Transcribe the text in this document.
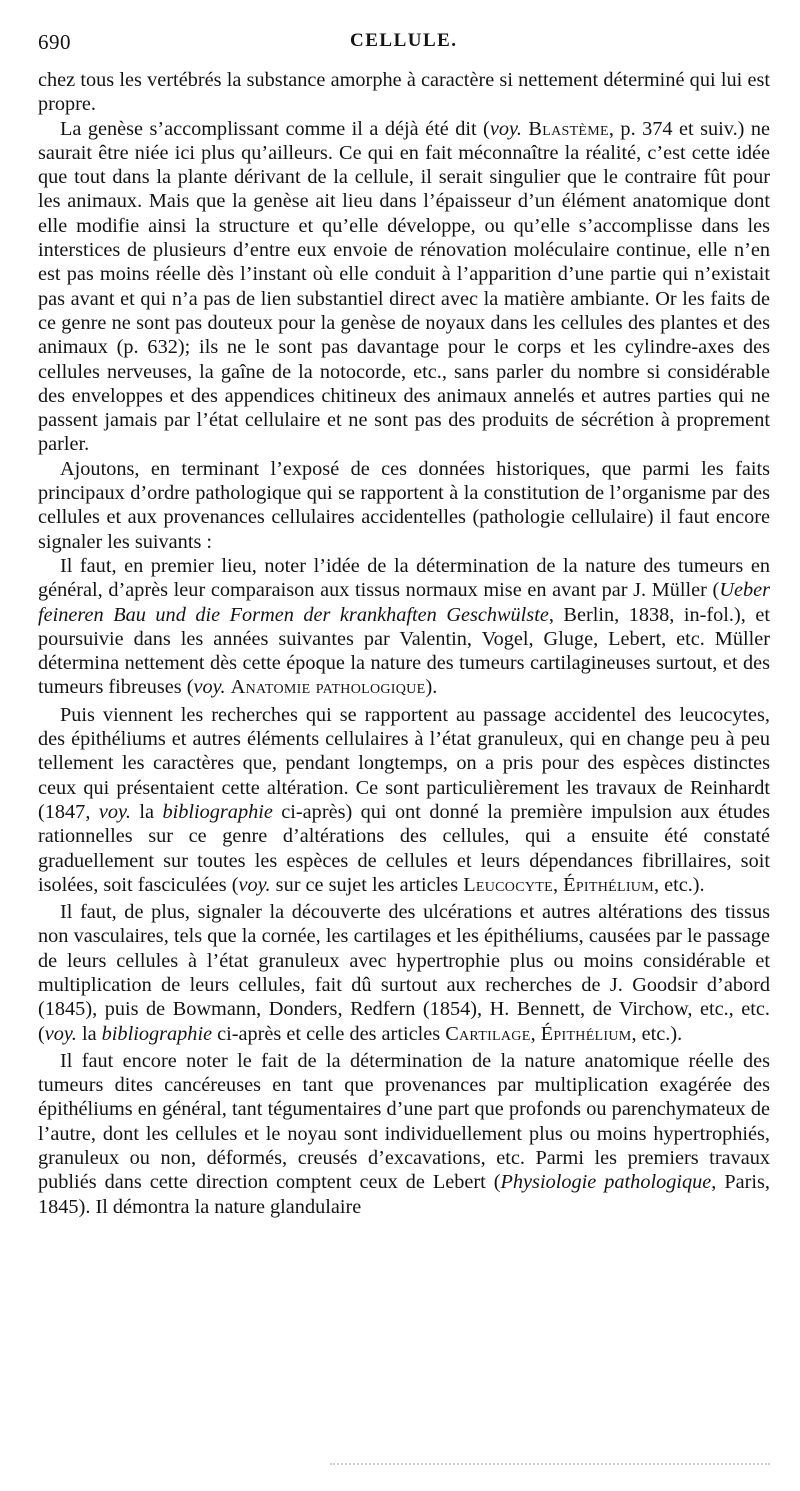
690	CELLULE.

chez tous les vertébrés la substance amorphe à caractère si nettement déterminé qui lui est propre.

La genèse s’accomplissant comme il a déjà été dit (voy. Blastème, p. 374 et suiv.) ne saurait être niée ici plus qu’ailleurs. Ce qui en fait méconnaître la réalité, c’est cette idée que tout dans la plante dérivant de la cellule, il serait singulier que le contraire fût pour les animaux. Mais que la genèse ait lieu dans l’épaisseur d’un élément anatomique dont elle modifie ainsi la structure et qu’elle développe, ou qu’elle s’accomplisse dans les interstices de plusieurs d’entre eux envoie de rénovation moléculaire continue, elle n’en est pas moins réelle dès l’instant où elle conduit à l’apparition d’une partie qui n’existait pas avant et qui n’a pas de lien substantiel direct avec la matière ambiante. Or les faits de ce genre ne sont pas douteux pour la genèse de noyaux dans les cellules des plantes et des animaux (p. 632); ils ne le sont pas davantage pour le corps et les cylindre-axes des cellules nerveuses, la gaîne de la notocorde, etc., sans parler du nombre si considérable des enveloppes et des appendices chitineux des animaux annelés et autres parties qui ne passent jamais par l’état cellulaire et ne sont pas des produits de sécrétion à proprement parler.

Ajoutons, en terminant l’exposé de ces données historiques, que parmi les faits principaux d’ordre pathologique qui se rapportent à la constitution de l’organisme par des cellules et aux provenances cellulaires accidentelles (pathologie cellulaire) il faut encore signaler les suivants :

Il faut, en premier lieu, noter l’idée de la détermination de la nature des tumeurs en général, d’après leur comparaison aux tissus normaux mise en avant par J. Müller (Ueber feineren Bau und die Formen der krankhaften Geschwülste, Berlin, 1838, in-fol.), et poursuivie dans les années suivantes par Valentin, Vogel, Gluge, Lebert, etc. Müller détermina nettement dès cette époque la nature des tumeurs cartilagineuses surtout, et des tumeurs fibreuses (voy. Anatomie pathologique).

Puis viennent les recherches qui se rapportent au passage accidentel des leucocytes, des épithéliums et autres éléments cellulaires à l’état granuleux, qui en change peu à peu tellement les caractères que, pendant longtemps, on a pris pour des espèces distinctes ceux qui présentaient cette altération. Ce sont particulièrement les travaux de Reinhardt (1847, voy. la bibliographie ci-après) qui ont donné la première impulsion aux études rationnelles sur ce genre d’altérations des cellules, qui a ensuite été constaté graduellement sur toutes les espèces de cellules et leurs dépendances fibrillaires, soit isolées, soit fasciculées (voy. sur ce sujet les articles Leucocyte, Épithélium, etc.).

Il faut, de plus, signaler la découverte des ulcérations et autres altérations des tissus non vasculaires, tels que la cornée, les cartilages et les épithéliums, causées par le passage de leurs cellules à l’état granuleux avec hypertrophie plus ou moins considérable et multiplication de leurs cellules, fait dû surtout aux recherches de J. Goodsir d’abord (1845), puis de Bowmann, Donders, Redfern (1854), H. Bennett, de Virchow, etc., etc. (voy. la bibliographie ci-après et celle des articles Cartilage, Épithélium, etc.).

Il faut encore noter le fait de la détermination de la nature anatomique réelle des tumeurs dites cancéreuses en tant que provenances par multiplication exagérée des épithéliums en général, tant tégumentaires d’une part que profonds ou parenchymateux de l’autre, dont les cellules et le noyau sont individuellement plus ou moins hypertrophiés, granuleux ou non, déformés, creusés d’excavations, etc. Parmi les premiers travaux publiés dans cette direction comptent ceux de Lebert (Physiologie pathologique, Paris, 1845). Il démontra la nature glandulaire
